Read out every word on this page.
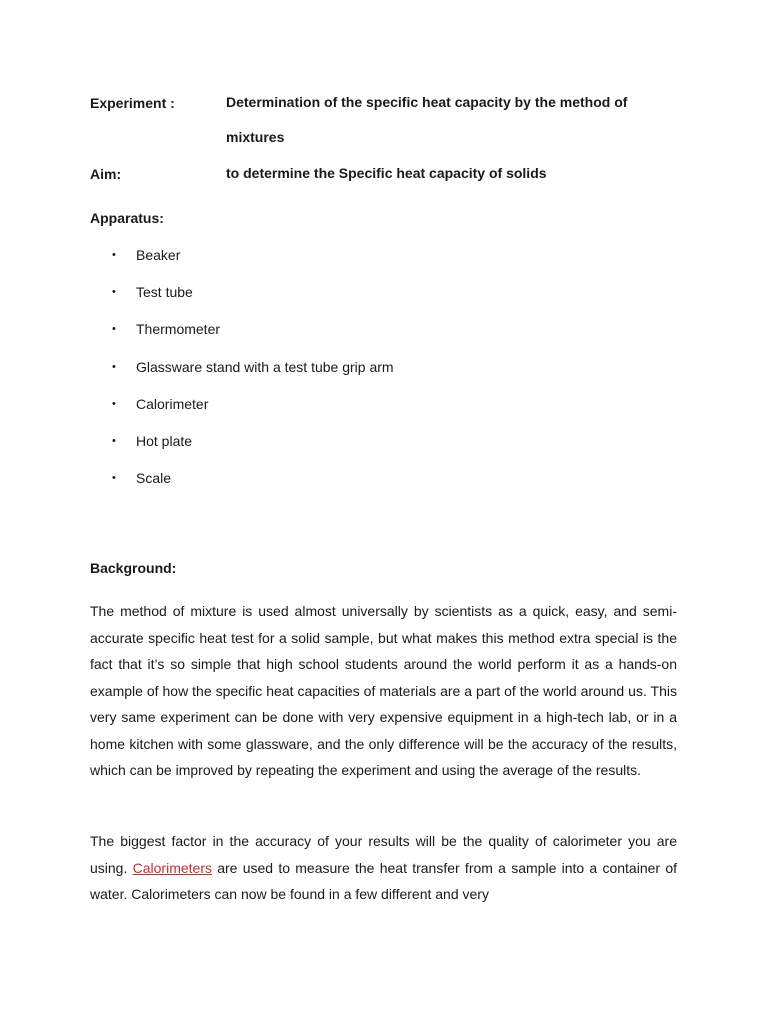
Experiment :	Determination of the specific heat capacity by the method of mixtures
Aim:	to determine the Specific heat capacity of solids
Apparatus:
• Beaker
• Test tube
• Thermometer
• Glassware stand with a test tube grip arm
• Calorimeter
• Hot plate
• Scale
Background:

The method of mixture is used almost universally by scientists as a quick, easy, and semi-accurate specific heat test for a solid sample, but what makes this method extra special is the fact that it’s so simple that high school students around the world perform it as a hands-on example of how the specific heat capacities of materials are a part of the world around us. This very same experiment can be done with very expensive equipment in a high-tech lab, or in a home kitchen with some glassware, and the only difference will be the accuracy of the results, which can be improved by repeating the experiment and using the average of the results.

The biggest factor in the accuracy of your results will be the quality of calorimeter you are using. Calorimeters are used to measure the heat transfer from a sample into a container of water. Calorimeters can now be found in a few different and very
